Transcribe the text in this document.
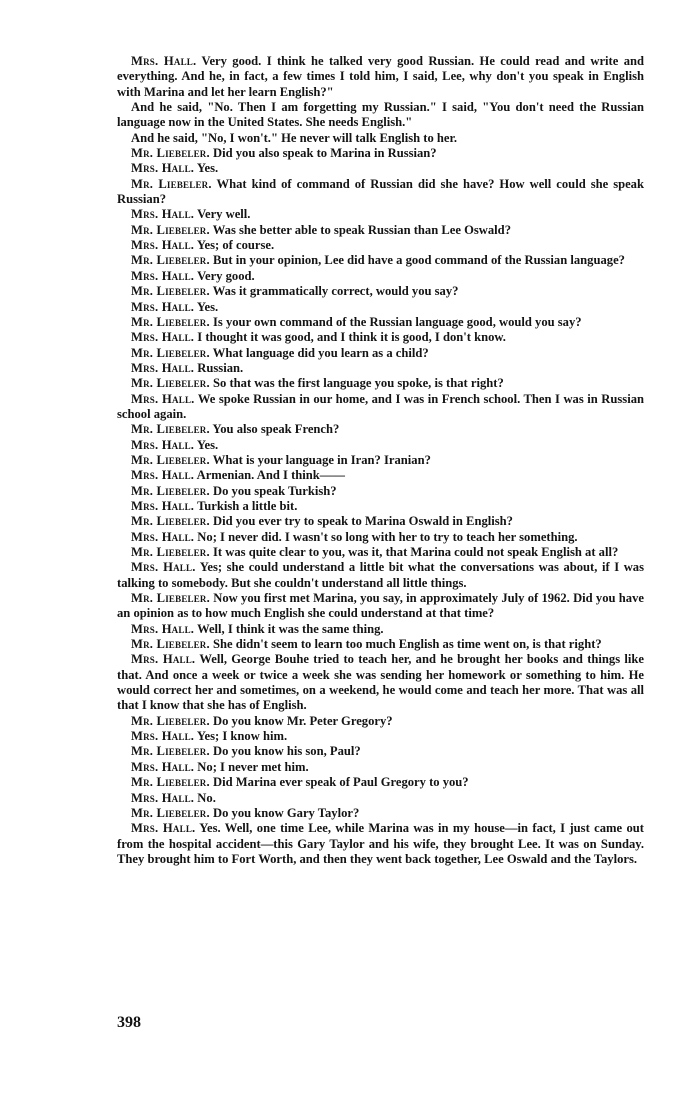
Mrs. Hall. Very good. I think he talked very good Russian. He could read and write and everything. And he, in fact, a few times I told him, I said, Lee, why don't you speak in English with Marina and let her learn English?"

And he said, "No. Then I am forgetting my Russian." I said, "You don't need the Russian language now in the United States. She needs English."

And he said, "No, I won't." He never will talk English to her.

Mr. Liebeler. Did you also speak to Marina in Russian?

Mrs. Hall. Yes.

Mr. Liebeler. What kind of command of Russian did she have? How well could she speak Russian?

Mrs. Hall. Very well.

Mr. Liebeler. Was she better able to speak Russian than Lee Oswald?

Mrs. Hall. Yes; of course.

Mr. Liebeler. But in your opinion, Lee did have a good command of the Russian language?

Mrs. Hall. Very good.

Mr. Liebeler. Was it grammatically correct, would you say?

Mrs. Hall. Yes.

Mr. Liebeler. Is your own command of the Russian language good, would you say?

Mrs. Hall. I thought it was good, and I think it is good, I don't know.

Mr. Liebeler. What language did you learn as a child?

Mrs. Hall. Russian.

Mr. Liebeler. So that was the first language you spoke, is that right?

Mrs. Hall. We spoke Russian in our home, and I was in French school. Then I was in Russian school again.

Mr. Liebeler. You also speak French?

Mrs. Hall. Yes.

Mr. Liebeler. What is your language in Iran? Iranian?

Mrs. Hall. Armenian. And I think——

Mr. Liebeler. Do you speak Turkish?

Mrs. Hall. Turkish a little bit.

Mr. Liebeler. Did you ever try to speak to Marina Oswald in English?

Mrs. Hall. No; I never did. I wasn't so long with her to try to teach her something.

Mr. Liebeler. It was quite clear to you, was it, that Marina could not speak English at all?

Mrs. Hall. Yes; she could understand a little bit what the conversations was about, if I was talking to somebody. But she couldn't understand all little things.

Mr. Liebeler. Now you first met Marina, you say, in approximately July of 1962. Did you have an opinion as to how much English she could understand at that time?

Mrs. Hall. Well, I think it was the same thing.

Mr. Liebeler. She didn't seem to learn too much English as time went on, is that right?

Mrs. Hall. Well, George Bouhe tried to teach her, and he brought her books and things like that. And once a week or twice a week she was sending her homework or something to him. He would correct her and sometimes, on a weekend, he would come and teach her more. That was all that I know that she has of English.

Mr. Liebeler. Do you know Mr. Peter Gregory?

Mrs. Hall. Yes; I know him.

Mr. Liebeler. Do you know his son, Paul?

Mrs. Hall. No; I never met him.

Mr. Liebeler. Did Marina ever speak of Paul Gregory to you?

Mrs. Hall. No.

Mr. Liebeler. Do you know Gary Taylor?

Mrs. Hall. Yes. Well, one time Lee, while Marina was in my house—in fact, I just came out from the hospital accident—this Gary Taylor and his wife, they brought Lee. It was on Sunday. They brought him to Fort Worth, and then they went back together, Lee Oswald and the Taylors.

398
